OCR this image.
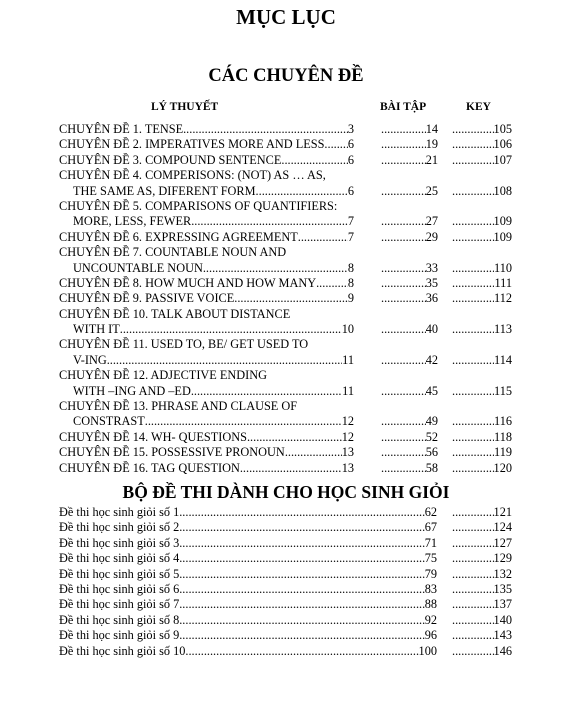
MỤC LỤC
CÁC CHUYÊN ĐỀ
LÝ THUYẾT	BÀI TẬP	KEY
CHUYÊN ĐỀ 1. TENSE .....	3 .....	14 .....	105
CHUYÊN ĐỀ 2. IMPERATIVES MORE AND LESS ..... 6 .....	19 .....	106
CHUYÊN ĐỀ 3. COMPOUND SENTENCE .....	6 .....	21 .....	107
CHUYÊN ĐỀ 4. COMPERISONS: (NOT) AS … AS,
THE SAME AS, DIFERENT FORM .....	6 .....	25 .....	108
CHUYÊN ĐỀ 5. COMPARISONS OF QUANTIFIERS:
MORE, LESS, FEWER .....	7 .....	27 .....	109
CHUYÊN ĐỀ 6. EXPRESSING AGREEMENT .....	7 .....	29 .....	109
CHUYÊN ĐỀ 7. COUNTABLE NOUN AND
UNCOUNTABLE NOUN .....	8 .....	33 .....	110
CHUYÊN ĐỀ 8. HOW MUCH AND HOW MANY .....	8 .....	35 .....	111
CHUYÊN ĐỀ 9. PASSIVE VOICE .....	9 .....	36 .....	112
CHUYÊN ĐỀ 10. TALK ABOUT DISTANCE
WITH IT .....	10 .....	40 .....	113
CHUYÊN ĐỀ 11. USED TO, BE/ GET USED TO
V-ING .....	11 .....	42 .....	114
CHUYÊN ĐỀ 12. ADJECTIVE ENDING
WITH –ING AND –ED .....	11 .....	45 .....	115
CHUYÊN ĐỀ 13. PHRASE AND CLAUSE OF
CONSTRAST .....	12 .....	49 .....	116
CHUYÊN ĐỀ 14. WH- QUESTIONS .....	12 .....	52 .....	118
CHUYÊN ĐỀ 15. POSSESSIVE PRONOUN .....	13 .....	56 .....	119
CHUYÊN ĐỀ 16. TAG QUESTION .....	13 .....	58 .....	120
BỘ ĐỀ THI DÀNH CHO HỌC SINH GIỎI
Đề thi học sinh giỏi số 1 .....	62 .....	121
Đề thi học sinh giỏi số 2 .....	67 .....	124
Đề thi học sinh giỏi số 3 .....	71 .....	127
Đề thi học sinh giỏi số 4 .....	75 .....	129
Đề thi học sinh giỏi số 5 .....	79 .....	132
Đề thi học sinh giỏi số 6 .....	83 .....	135
Đề thi học sinh giỏi số 7 .....	88 .....	137
Đề thi học sinh giỏi số 8 .....	92 .....	140
Đề thi học sinh giỏi số 9 .....	96 .....	143
Đề thi học sinh giỏi số 10 .....	100 .....	146
